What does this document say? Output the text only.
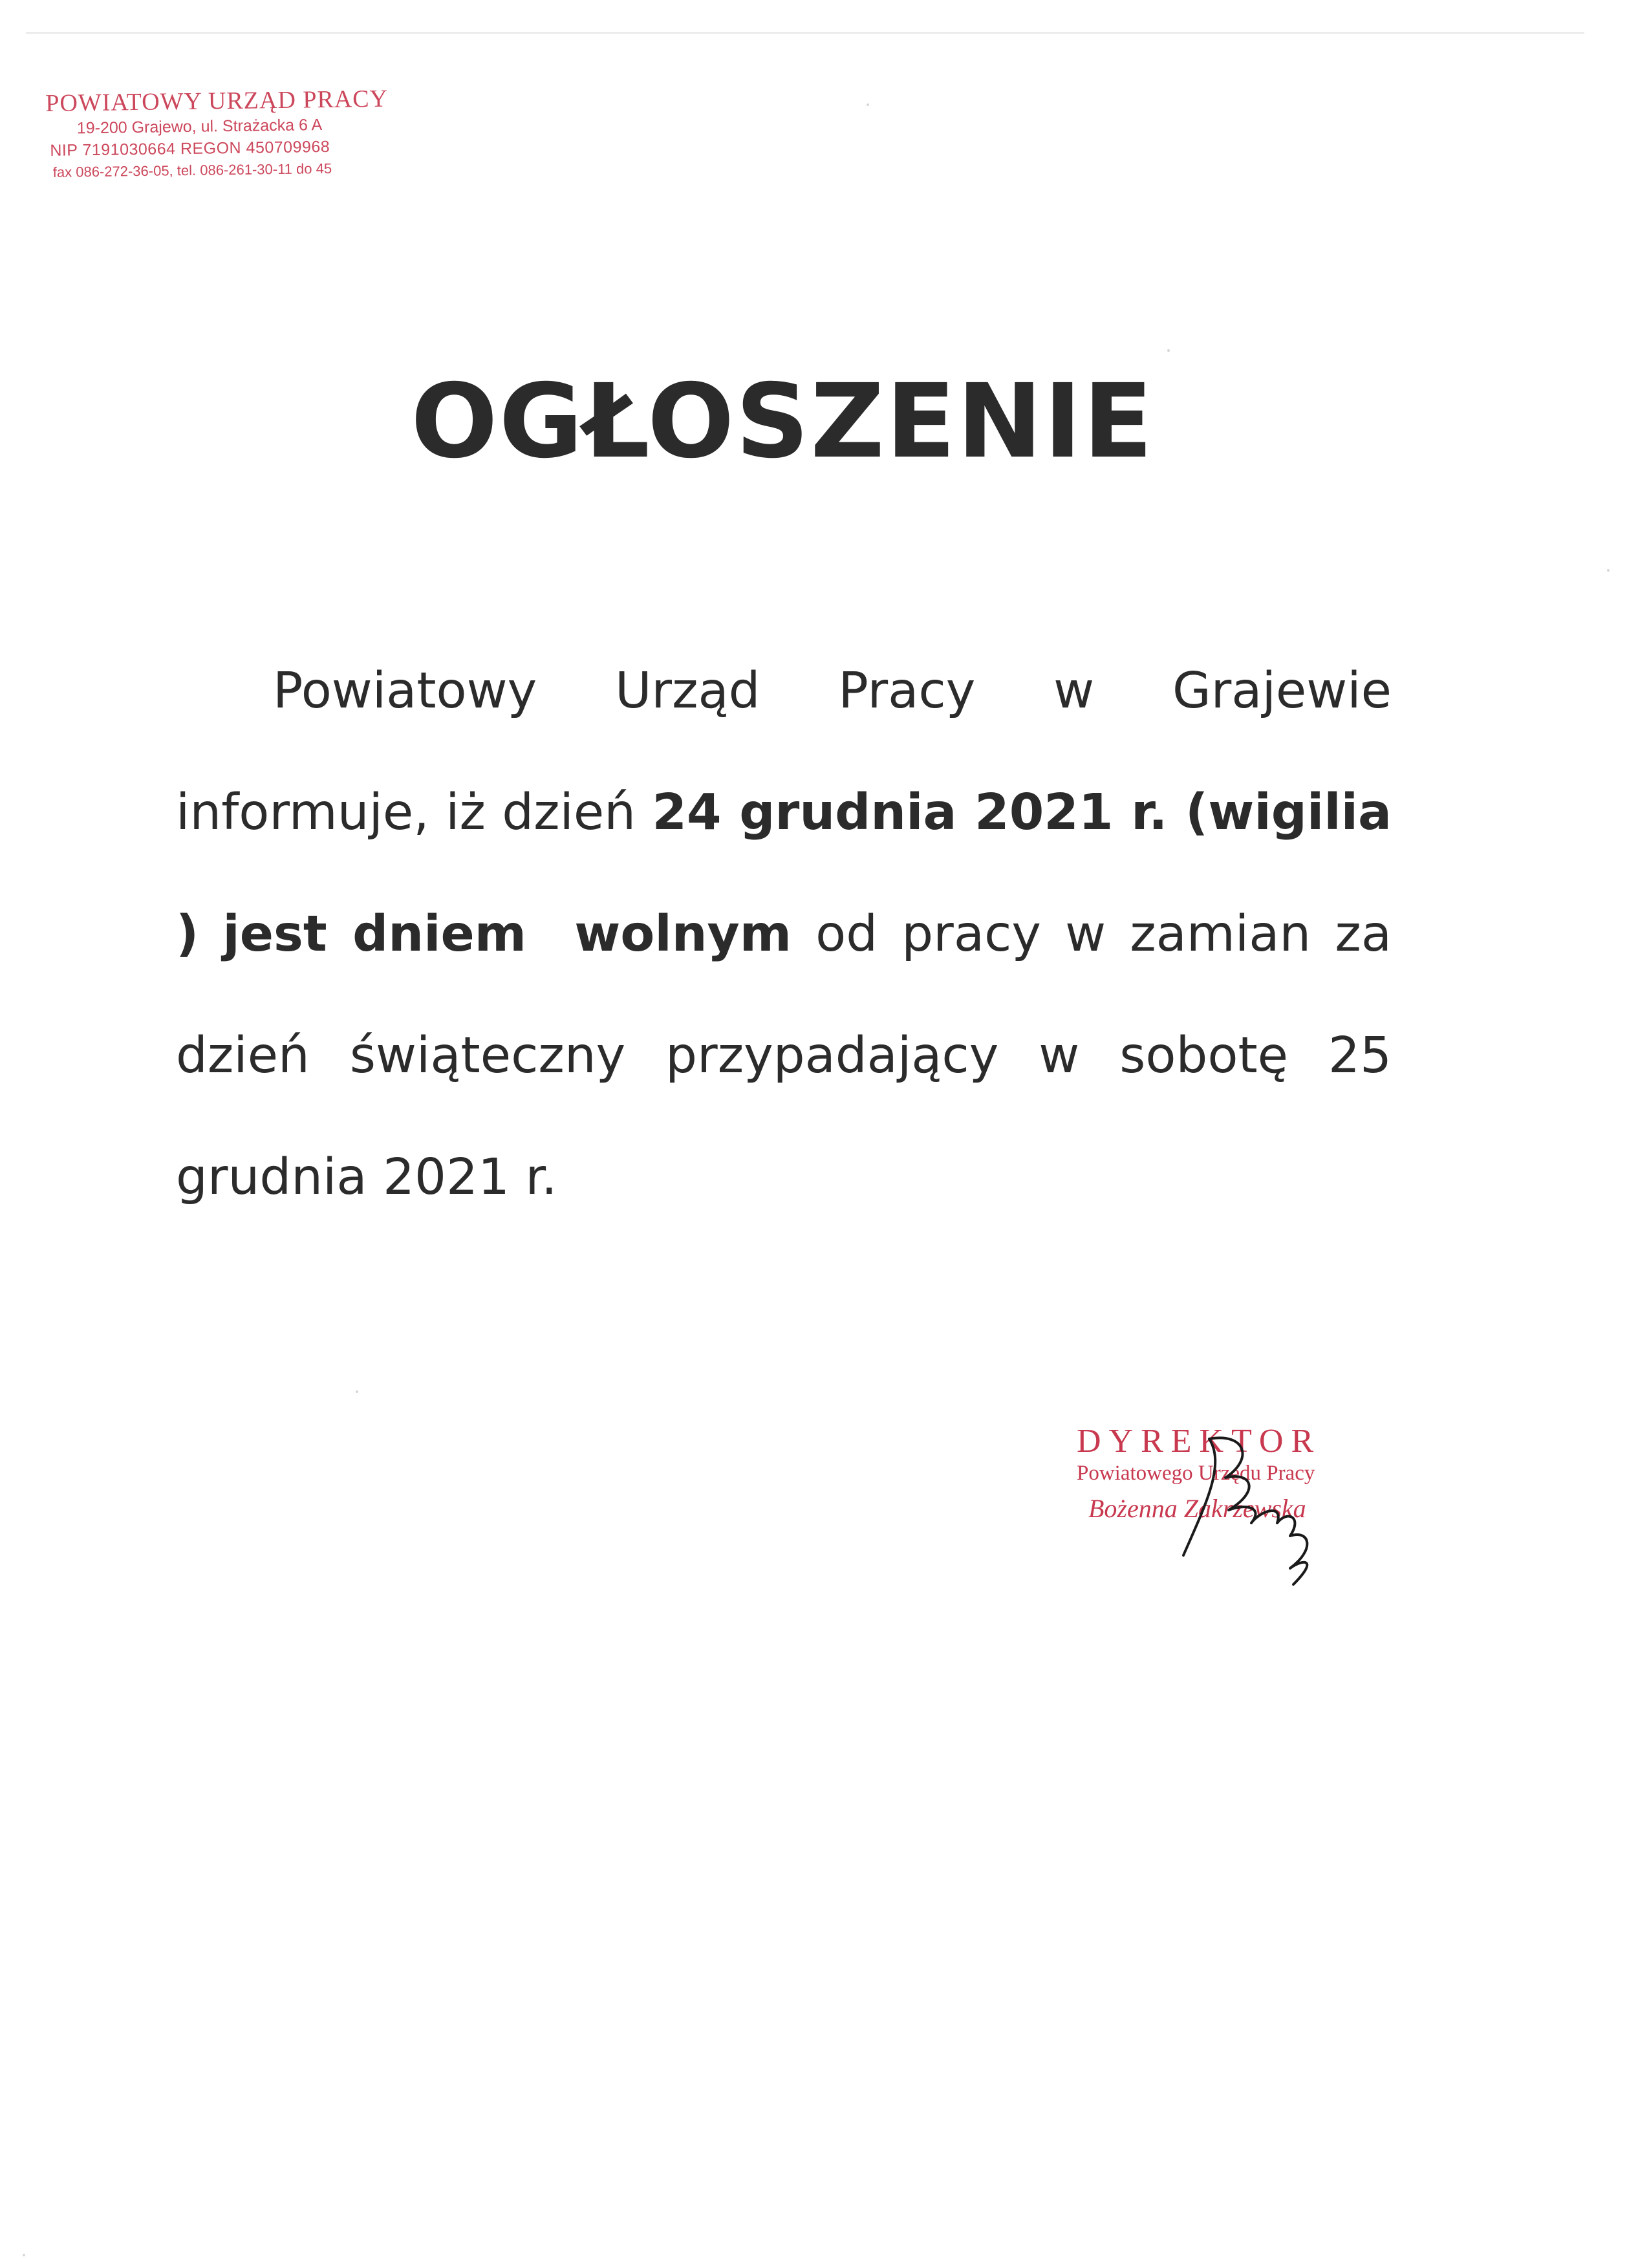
POWIATOWY URZĄD PRACY
19-200 Grajewo, ul. Strażacka 6 A
NIP 7191030664 REGON 450709968
fax 086-272-36-05, tel. 086-261-30-11 do 45
OGŁOSZENIE
Powiatowy Urząd Pracy w Grajewie informuje, iż dzień 24 grudnia 2021 r. (wigilia ) jest dniem wolnym od pracy w zamian za dzień świąteczny przypadający w sobotę 25 grudnia 2021 r.
DYREKTOR
Powiatowego Urzędu Pracy
Bożenna Zakrzewska
